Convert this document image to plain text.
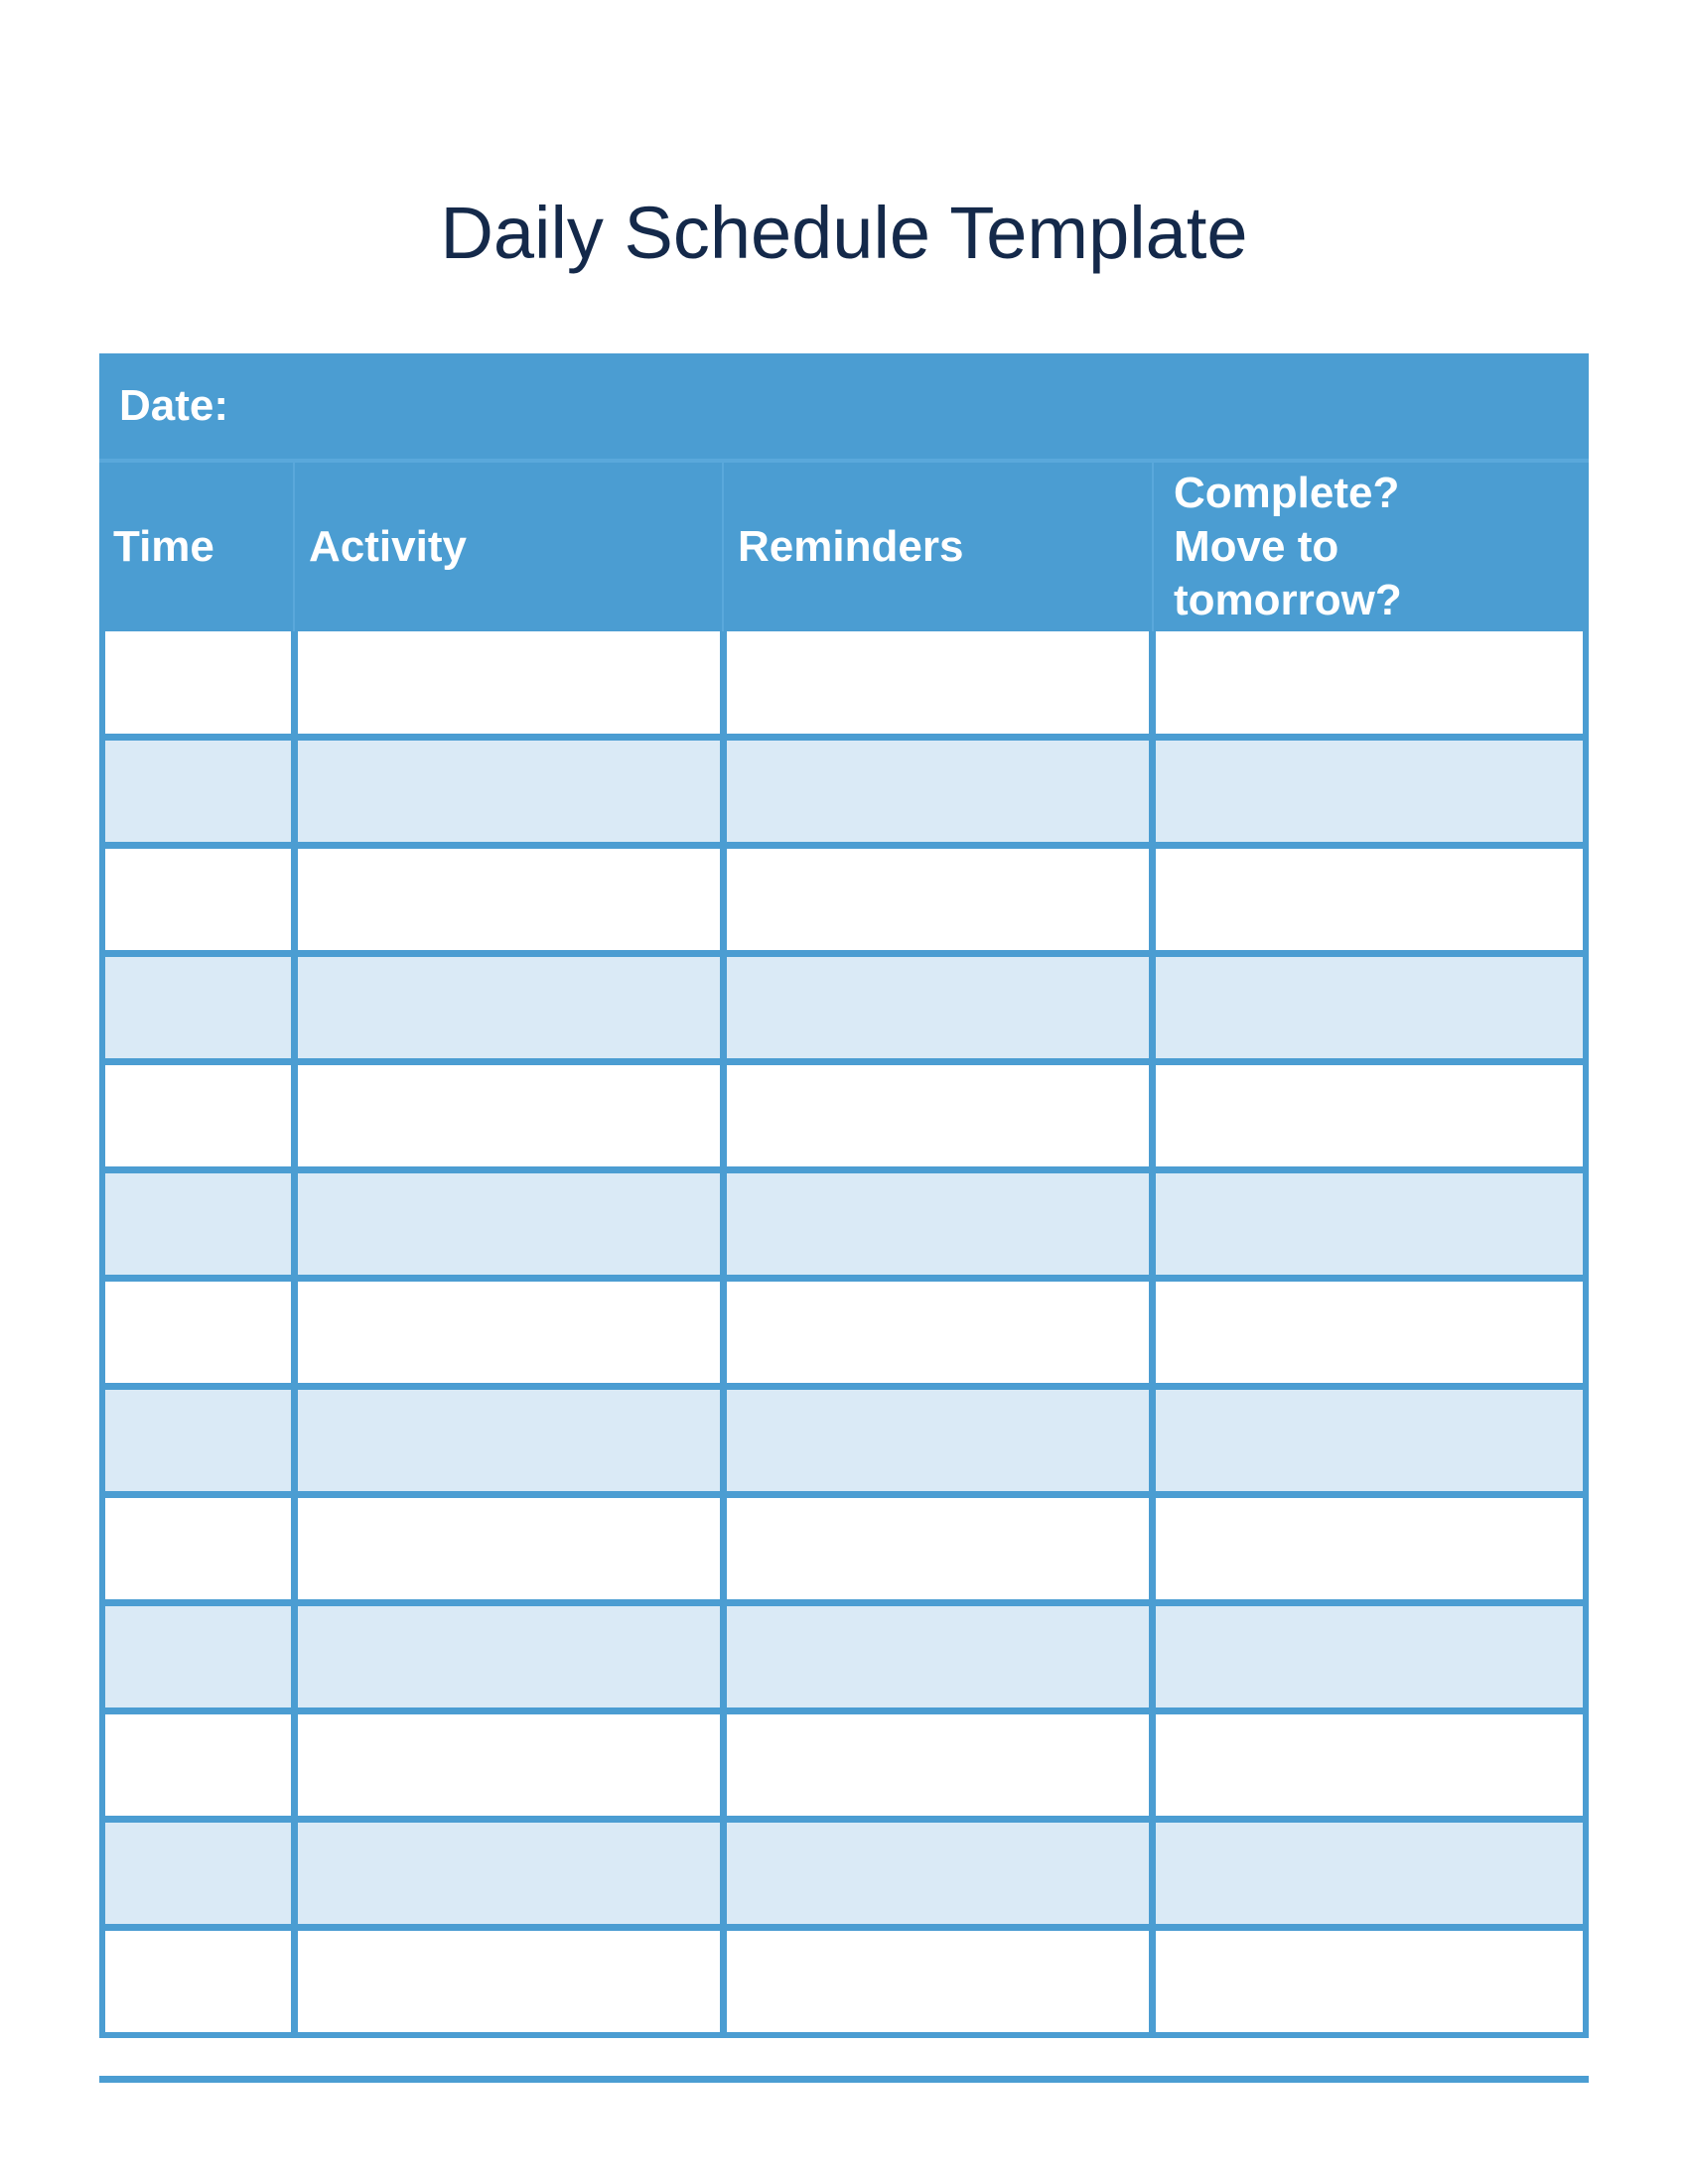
Daily Schedule Template
Date:
Time	Activity	Reminders
Complete?
Move to
tomorrow?
